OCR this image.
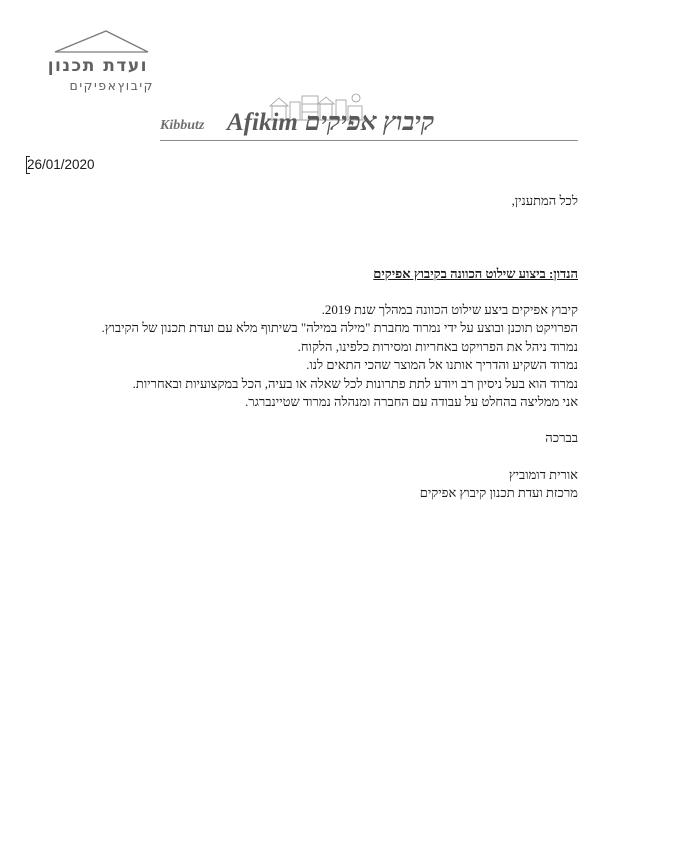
ועדת תכנון
קיבוץאפיקים
Kibbutz Afikim קיבוץ אפיקים
26/01/2020
לכל המתענין,
הנדון: ביצוע שילוט הכוונה בקיבוץ אפיקים
קיבוץ אפיקים ביצע שילוט הכוונה במהלך שנת 2019.
הפרויקט תוכנן ובוצע על ידי נמרוד מחברת "מילה במילה" בשיתוף מלא עם ועדת תכנון של הקיבוץ.
נמרוד ניהל את הפרויקט באחריות ומסירות כלפינו, הלקוח.
נמרוד השקיע והדריך אותנו אל המוצר שהכי התאים לנו.
נמרוד הוא בעל ניסיון רב ויודע לתת פתרונות לכל שאלה או בעיה, הכל במקצועיות ובאחריות.
אני ממליצה בהחלט על עבודה עם החברה ומנהלה נמרוד שטיינברגר.
בברכה
אורית דומוביץ
מרכזת ועדת תכנון קיבוץ אפיקים
